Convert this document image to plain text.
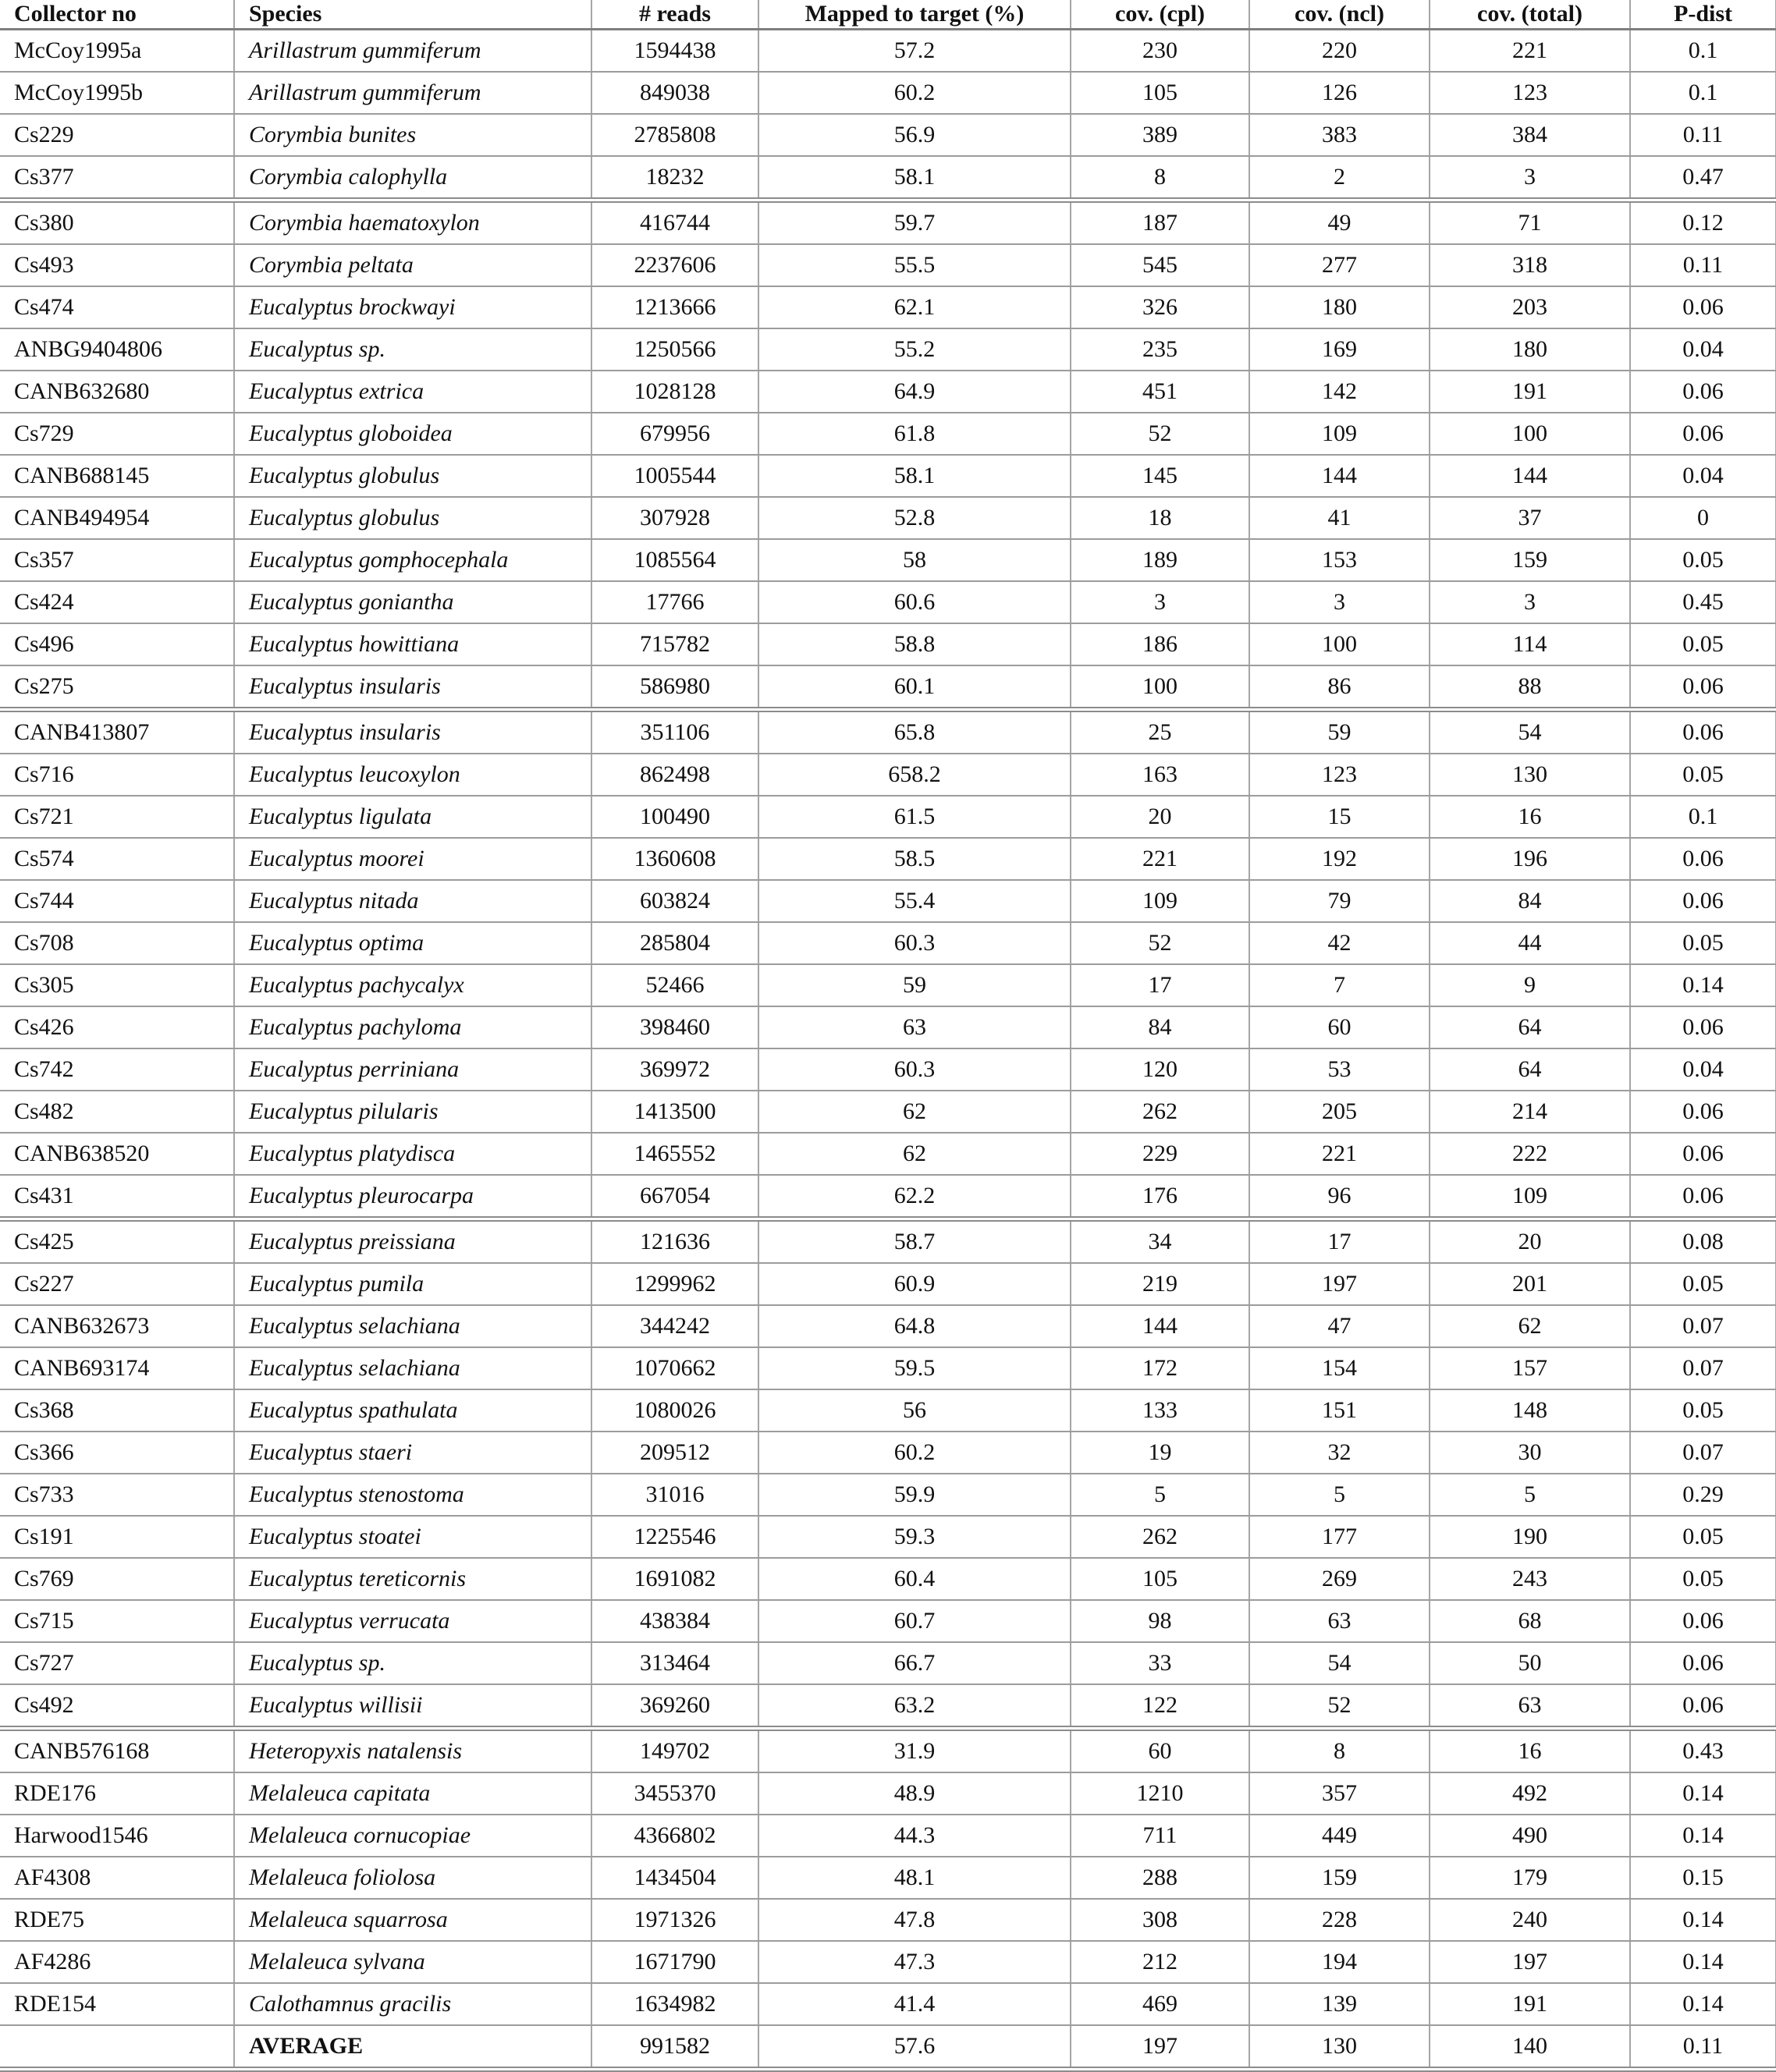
Collector no	Species	# reads	Mapped to target (%)	cov. (cpl)	cov. (ncl)	cov. (total)	P-dist
McCoy1995a	Arillastrum gummiferum	1594438	57.2	230	220	221	0.1
McCoy1995b	Arillastrum gummiferum	849038	60.2	105	126	123	0.1
Cs229	Corymbia bunites	2785808	56.9	389	383	384	0.11
Cs377	Corymbia calophylla	18232	58.1	8	2	3	0.47
Cs380	Corymbia haematoxylon	416744	59.7	187	49	71	0.12
Cs493	Corymbia peltata	2237606	55.5	545	277	318	0.11
Cs474	Eucalyptus brockwayi	1213666	62.1	326	180	203	0.06
ANBG9404806	Eucalyptus sp.	1250566	55.2	235	169	180	0.04
CANB632680	Eucalyptus extrica	1028128	64.9	451	142	191	0.06
Cs729	Eucalyptus globoidea	679956	61.8	52	109	100	0.06
CANB688145	Eucalyptus globulus	1005544	58.1	145	144	144	0.04
CANB494954	Eucalyptus globulus	307928	52.8	18	41	37	0
Cs357	Eucalyptus gomphocephala	1085564	58	189	153	159	0.05
Cs424	Eucalyptus goniantha	17766	60.6	3	3	3	0.45
Cs496	Eucalyptus howittiana	715782	58.8	186	100	114	0.05
Cs275	Eucalyptus insularis	586980	60.1	100	86	88	0.06
CANB413807	Eucalyptus insularis	351106	65.8	25	59	54	0.06
Cs716	Eucalyptus leucoxylon	862498	658.2	163	123	130	0.05
Cs721	Eucalyptus ligulata	100490	61.5	20	15	16	0.1
Cs574	Eucalyptus moorei	1360608	58.5	221	192	196	0.06
Cs744	Eucalyptus nitada	603824	55.4	109	79	84	0.06
Cs708	Eucalyptus optima	285804	60.3	52	42	44	0.05
Cs305	Eucalyptus pachycalyx	52466	59	17	7	9	0.14
Cs426	Eucalyptus pachyloma	398460	63	84	60	64	0.06
Cs742	Eucalyptus perriniana	369972	60.3	120	53	64	0.04
Cs482	Eucalyptus pilularis	1413500	62	262	205	214	0.06
CANB638520	Eucalyptus platydisca	1465552	62	229	221	222	0.06
Cs431	Eucalyptus pleurocarpa	667054	62.2	176	96	109	0.06
Cs425	Eucalyptus preissiana	121636	58.7	34	17	20	0.08
Cs227	Eucalyptus pumila	1299962	60.9	219	197	201	0.05
CANB632673	Eucalyptus selachiana	344242	64.8	144	47	62	0.07
CANB693174	Eucalyptus selachiana	1070662	59.5	172	154	157	0.07
Cs368	Eucalyptus spathulata	1080026	56	133	151	148	0.05
Cs366	Eucalyptus staeri	209512	60.2	19	32	30	0.07
Cs733	Eucalyptus stenostoma	31016	59.9	5	5	5	0.29
Cs191	Eucalyptus stoatei	1225546	59.3	262	177	190	0.05
Cs769	Eucalyptus tereticornis	1691082	60.4	105	269	243	0.05
Cs715	Eucalyptus verrucata	438384	60.7	98	63	68	0.06
Cs727	Eucalyptus sp.	313464	66.7	33	54	50	0.06
Cs492	Eucalyptus willisii	369260	63.2	122	52	63	0.06
CANB576168	Heteropyxis natalensis	149702	31.9	60	8	16	0.43
RDE176	Melaleuca capitata	3455370	48.9	1210	357	492	0.14
Harwood1546	Melaleuca cornucopiae	4366802	44.3	711	449	490	0.14
AF4308	Melaleuca foliolosa	1434504	48.1	288	159	179	0.15
RDE75	Melaleuca squarrosa	1971326	47.8	308	228	240	0.14
AF4286	Melaleuca sylvana	1671790	47.3	212	194	197	0.14
RDE154	Calothamnus gracilis	1634982	41.4	469	139	191	0.14
	AVERAGE	991582	57.6	197	130	140	0.11
